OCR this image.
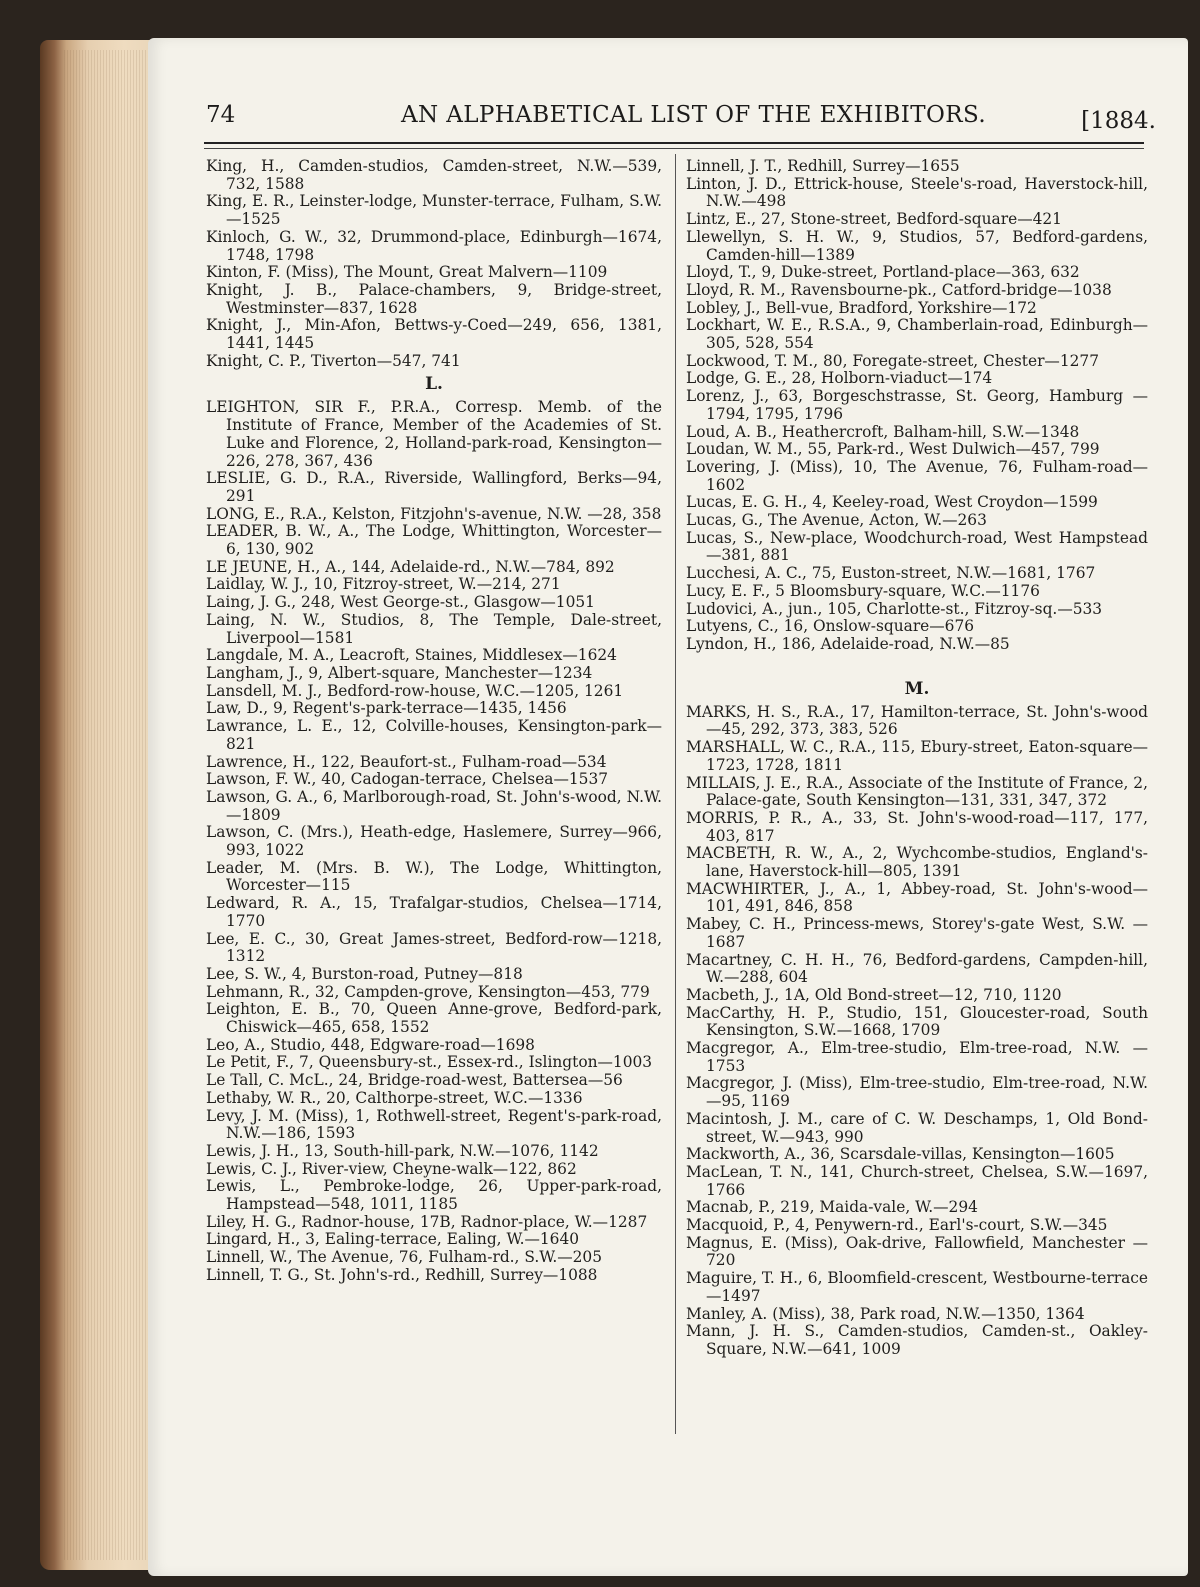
74	AN ALPHABETICAL LIST OF THE EXHIBITORS.	[1884.
King, H., Camden-studios, Camden-street, N.W.—539, 732, 1588
King, E. R., Leinster-lodge, Munster-terrace, Fulham, S.W.—1525
Kinloch, G. W., 32, Drummond-place, Edinburgh—1674, 1748, 1798
Kinton, F. (Miss), The Mount, Great Malvern—1109
Knight, J. B., Palace-chambers, 9, Bridge-street, Westminster—837, 1628
Knight, J., Min-Afon, Bettws-y-Coed—249, 656, 1381, 1441, 1445
Knight, C. P., Tiverton—547, 741
L.
LEIGHTON, SIR F., P.R.A., Corresp. Memb. of the Institute of France, Member of the Academies of St. Luke and Florence, 2, Holland-park-road, Kensington—226, 278, 367, 436
LESLIE, G. D., R.A., Riverside, Wallingford, Berks—94, 291
LONG, E., R.A., Kelston, Fitzjohn's-avenue, N.W. —28, 358
LEADER, B. W., A., The Lodge, Whittington, Worcester—6, 130, 902
LE JEUNE, H., A., 144, Adelaide-rd., N.W.—784, 892
Laidlay, W. J., 10, Fitzroy-street, W.—214, 271
Laing, J. G., 248, West George-st., Glasgow—1051
Laing, N. W., Studios, 8, The Temple, Dale-street, Liverpool—1581
Langdale, M. A., Leacroft, Staines, Middlesex—1624
Langham, J., 9, Albert-square, Manchester—1234
Lansdell, M. J., Bedford-row-house, W.C.—1205, 1261
Law, D., 9, Regent's-park-terrace—1435, 1456
Lawrance, L. E., 12, Colville-houses, Kensington-park—821
Lawrence, H., 122, Beaufort-st., Fulham-road—534
Lawson, F. W., 40, Cadogan-terrace, Chelsea—1537
Lawson, G. A., 6, Marlborough-road, St. John's-wood, N.W.—1809
Lawson, C. (Mrs.), Heath-edge, Haslemere, Surrey—966, 993, 1022
Leader, M. (Mrs. B. W.), The Lodge, Whittington, Worcester—115
Ledward, R. A., 15, Trafalgar-studios, Chelsea—1714, 1770
Lee, E. C., 30, Great James-street, Bedford-row—1218, 1312
Lee, S. W., 4, Burston-road, Putney—818
Lehmann, R., 32, Campden-grove, Kensington—453, 779
Leighton, E. B., 70, Queen Anne-grove, Bedford-park, Chiswick—465, 658, 1552
Leo, A., Studio, 448, Edgware-road—1698
Le Petit, F., 7, Queensbury-st., Essex-rd., Islington—1003
Le Tall, C. McL., 24, Bridge-road-west, Battersea—56
Lethaby, W. R., 20, Calthorpe-street, W.C.—1336
Levy, J. M. (Miss), 1, Rothwell-street, Regent's-park-road, N.W.—186, 1593
Lewis, J. H., 13, South-hill-park, N.W.—1076, 1142
Lewis, C. J., River-view, Cheyne-walk—122, 862
Lewis, L., Pembroke-lodge, 26, Upper-park-road, Hampstead—548, 1011, 1185
Liley, H. G., Radnor-house, 17B, Radnor-place, W.—1287
Lingard, H., 3, Ealing-terrace, Ealing, W.—1640
Linnell, W., The Avenue, 76, Fulham-rd., S.W.—205
Linnell, T. G., St. John's-rd., Redhill, Surrey—1088
Linnell, J. T., Redhill, Surrey—1655
Linton, J. D., Ettrick-house, Steele's-road, Haverstock-hill, N.W.—498
Lintz, E., 27, Stone-street, Bedford-square—421
Llewellyn, S. H. W., 9, Studios, 57, Bedford-gardens, Camden-hill—1389
Lloyd, T., 9, Duke-street, Portland-place—363, 632
Lloyd, R. M., Ravensbourne-pk., Catford-bridge—1038
Lobley, J., Bell-vue, Bradford, Yorkshire—172
Lockhart, W. E., R.S.A., 9, Chamberlain-road, Edinburgh—305, 528, 554
Lockwood, T. M., 80, Foregate-street, Chester—1277
Lodge, G. E., 28, Holborn-viaduct—174
Lorenz, J., 63, Borgeschstrasse, St. Georg, Hamburg —1794, 1795, 1796
Loud, A. B., Heathercroft, Balham-hill, S.W.—1348
Loudan, W. M., 55, Park-rd., West Dulwich—457, 799
Lovering, J. (Miss), 10, The Avenue, 76, Fulham-road—1602
Lucas, E. G. H., 4, Keeley-road, West Croydon—1599
Lucas, G., The Avenue, Acton, W.—263
Lucas, S., New-place, Woodchurch-road, West Hampstead—381, 881
Lucchesi, A. C., 75, Euston-street, N.W.—1681, 1767
Lucy, E. F., 5 Bloomsbury-square, W.C.—1176
Ludovici, A., jun., 105, Charlotte-st., Fitzroy-sq.—533
Lutyens, C., 16, Onslow-square—676
Lyndon, H., 186, Adelaide-road, N.W.—85
M.
MARKS, H. S., R.A., 17, Hamilton-terrace, St. John's-wood—45, 292, 373, 383, 526
MARSHALL, W. C., R.A., 115, Ebury-street, Eaton-square—1723, 1728, 1811
MILLAIS, J. E., R.A., Associate of the Institute of France, 2, Palace-gate, South Kensington—131, 331, 347, 372
MORRIS, P. R., A., 33, St. John's-wood-road—117, 177, 403, 817
MACBETH, R. W., A., 2, Wychcombe-studios, England's-lane, Haverstock-hill—805, 1391
MACWHIRTER, J., A., 1, Abbey-road, St. John's-wood—101, 491, 846, 858
Mabey, C. H., Princess-mews, Storey's-gate West, S.W. —1687
Macartney, C. H. H., 76, Bedford-gardens, Campden-hill, W.—288, 604
Macbeth, J., 1A, Old Bond-street—12, 710, 1120
MacCarthy, H. P., Studio, 151, Gloucester-road, South Kensington, S.W.—1668, 1709
Macgregor, A., Elm-tree-studio, Elm-tree-road, N.W. —1753
Macgregor, J. (Miss), Elm-tree-studio, Elm-tree-road, N.W.—95, 1169
Macintosh, J. M., care of C. W. Deschamps, 1, Old Bond-street, W.—943, 990
Mackworth, A., 36, Scarsdale-villas, Kensington—1605
MacLean, T. N., 141, Church-street, Chelsea, S.W.—1697, 1766
Macnab, P., 219, Maida-vale, W.—294
Macquoid, P., 4, Penywern-rd., Earl's-court, S.W.—345
Magnus, E. (Miss), Oak-drive, Fallowfield, Manchester —720
Maguire, T. H., 6, Bloomfield-crescent, Westbourne-terrace—1497
Manley, A. (Miss), 38, Park road, N.W.—1350, 1364
Mann, J. H. S., Camden-studios, Camden-st., Oakley-Square, N.W.—641, 1009
